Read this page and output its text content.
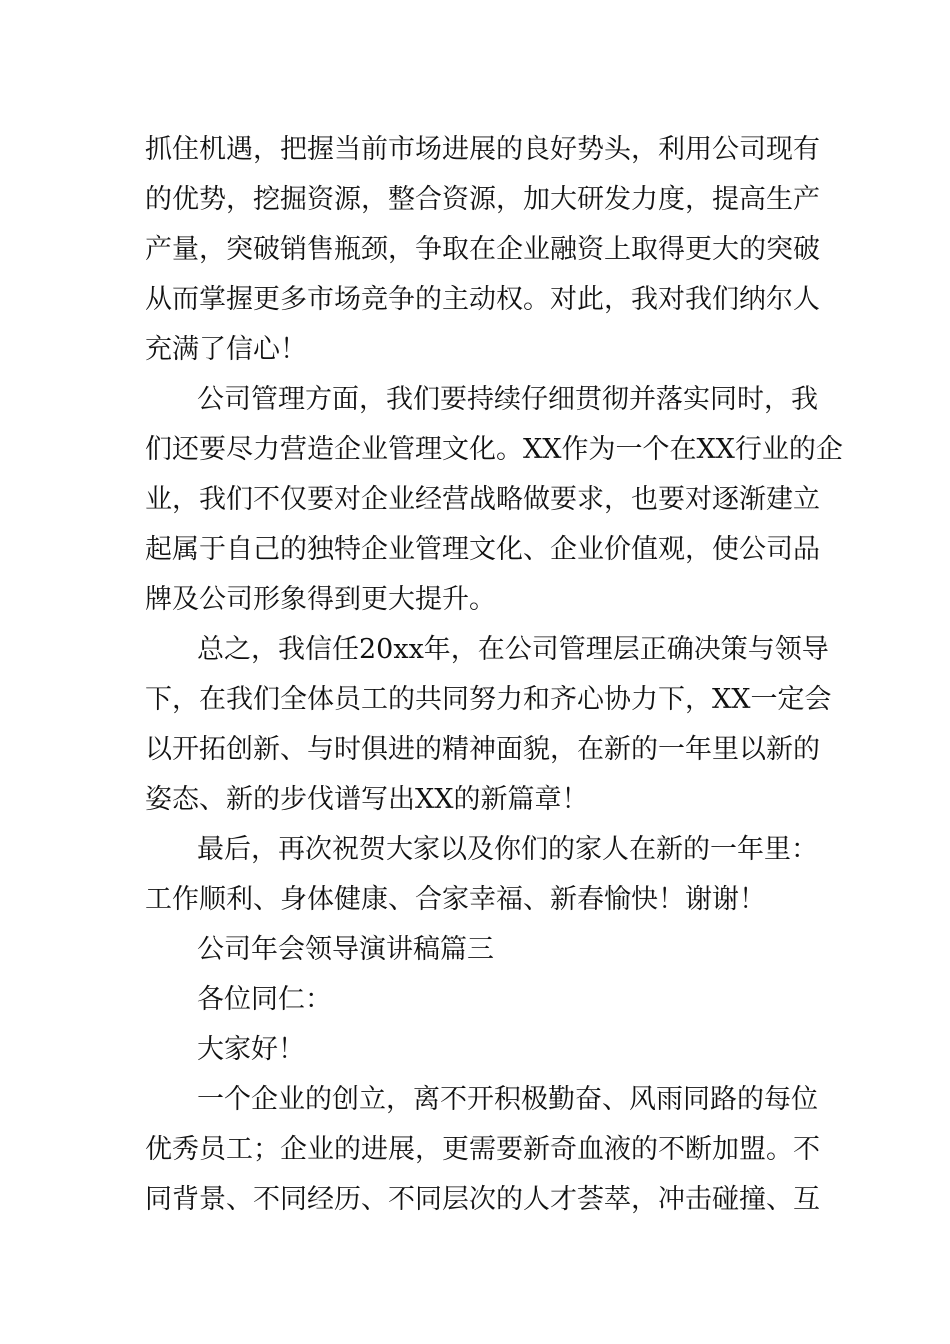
抓住机遇，把握当前市场进展的良好势头，利用公司现有
的优势，挖掘资源，整合资源，加大研发力度，提高生产
产量，突破销售瓶颈，争取在企业融资上取得更大的突破
从而掌握更多市场竞争的主动权。对此，我对我们纳尔人
充满了信心！
公司管理方面，我们要持续仔细贯彻并落实同时，我
们还要尽力营造企业管理文化。XX作为一个在XX行业的企
业，我们不仅要对企业经营战略做要求，也要对逐渐建立
起属于自己的独特企业管理文化、企业价值观，使公司品
牌及公司形象得到更大提升。
总之，我信任20xx年，在公司管理层正确决策与领导
下，在我们全体员工的共同努力和齐心协力下，XX一定会
以开拓创新、与时俱进的精神面貌，在新的一年里以新的
姿态、新的步伐谱写出XX的新篇章！
最后，再次祝贺大家以及你们的家人在新的一年里：
工作顺利、身体健康、合家幸福、新春愉快！谢谢！
公司年会领导演讲稿篇三
各位同仁：
大家好！
一个企业的创立，离不开积极勤奋、风雨同路的每位
优秀员工；企业的进展，更需要新奇血液的不断加盟。不
同背景、不同经历、不同层次的人才荟萃，冲击碰撞、互
